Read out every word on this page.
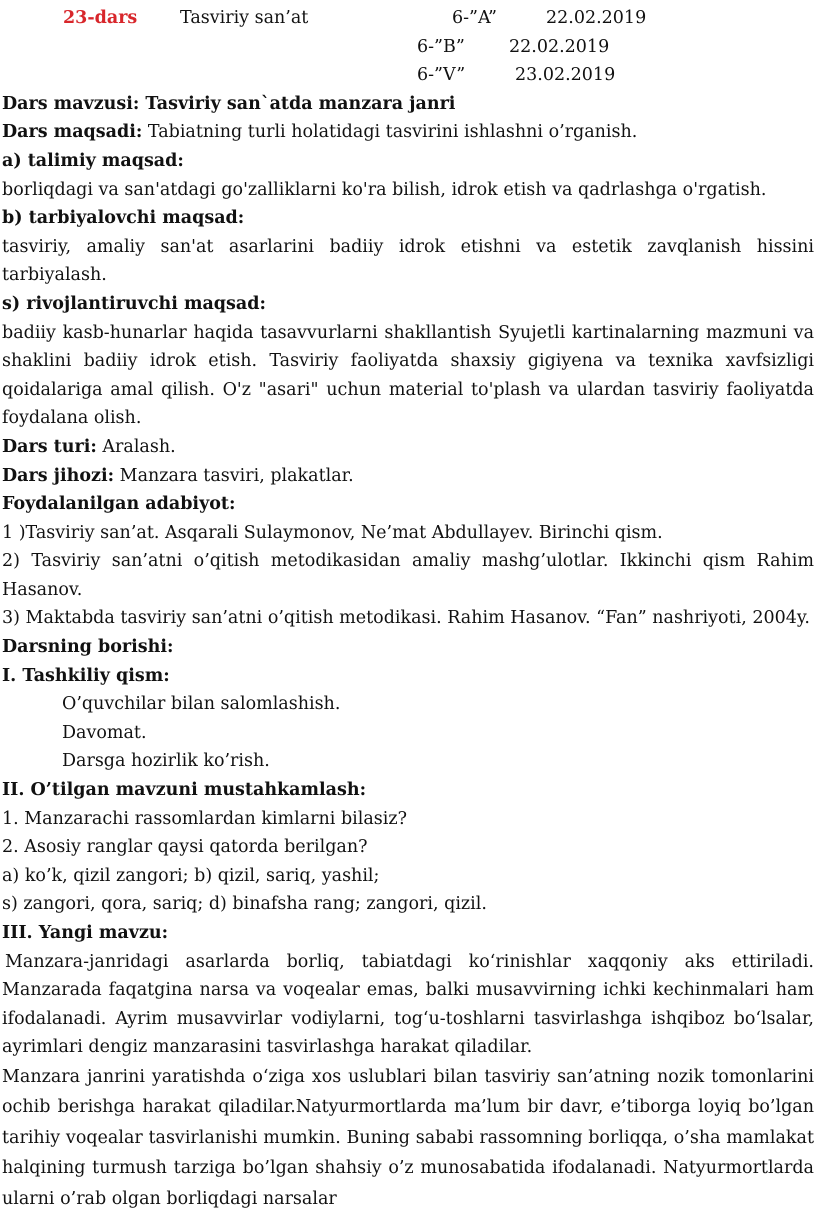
23-dars Tasviriy san’at	6-”A”	22.02.2019
6-”B”	22.02.2019
6-”V”	23.02.2019
Dars mavzusi: Tasviriy san`atda manzara janri
Dars maqsadi: Tabiatning turli holatidagi tasvirini ishlashni o’rganish.
a) talimiy maqsad:
borliqdagi va san'atdagi go'zalliklarni ko'ra bilish, idrok etish va qadrlashga o'rgatish.
b) tarbiyalovchi maqsad:
tasviriy, amaliy san'at asarlarini badiiy idrok etishni va estetik zavqlanish hissini tarbiyalash.
s) rivojlantiruvchi maqsad:
badiiy kasb-hunarlar haqida tasavvurlarni shakllantish Syujetli kartinalarning mazmuni va shaklini badiiy idrok etish. Tasviriy faoliyatda shaxsiy gigiyena va texnika xavfsizligi qoidalariga amal qilish. O'z "asari" uchun material to'plash va ulardan tasviriy faoliyatda foydalana olish.
Dars turi: Aralash.
Dars jihozi: Manzara tasviri, plakatlar.
Foydalanilgan adabiyot:
1 )Tasviriy san’at. Asqarali Sulaymonov, Ne’mat Abdullayev. Birinchi qism.
2) Tasviriy san’atni o’qitish metodikasidan amaliy mashg’ulotlar. Ikkinchi qism Rahim Hasanov.
3) Maktabda tasviriy san’atni o’qitish metodikasi. Rahim Hasanov. “Fan” nashriyoti, 2004y.
Darsning borishi:
I. Tashkiliy qism:
O’quvchilar bilan salomlashish.
Davomat.
Darsga hozirlik ko’rish.
II. O’tilgan mavzuni mustahkamlash:
1. Manzarachi rassomlardan kimlarni bilasiz?
2. Asosiy ranglar qaysi qatorda berilgan?
a) ko’k, qizil zangori; b) qizil, sariq, yashil;
s) zangori, qora, sariq; d) binafsha rang; zangori, qizil.
III. Yangi mavzu:
Manzara-janridagi asarlarda borliq, tabiatdagi ko‘rinishlar xaqqoniy aks ettiriladi. Manzarada faqatgina narsa va voqealar emas, balki musavvirning ichki kechinmalari ham ifodalanadi. Ayrim musavvirlar vodiylarni, tog‘u-toshlarni tasvirlashga ishqiboz bo‘lsalar, ayrimlari dengiz manzarasini tasvirlashga harakat qiladilar.
Manzara janrini yaratishda o‘ziga xos uslublari bilan tasviriy san’atning nozik tomonlarini ochib berishga harakat qiladilar.Natyurmortlarda ma’lum bir davr, e’tiborga loyiq bo’lgan tarihiy voqealar tasvirlanishi mumkin. Buning sababi rassomning borliqqa, o’sha mamlakat halqining turmush tarziga bo’lgan shahsiy o’z munosabatida ifodalanadi. Natyurmortlarda ularni o’rab olgan borliqdagi narsalar
